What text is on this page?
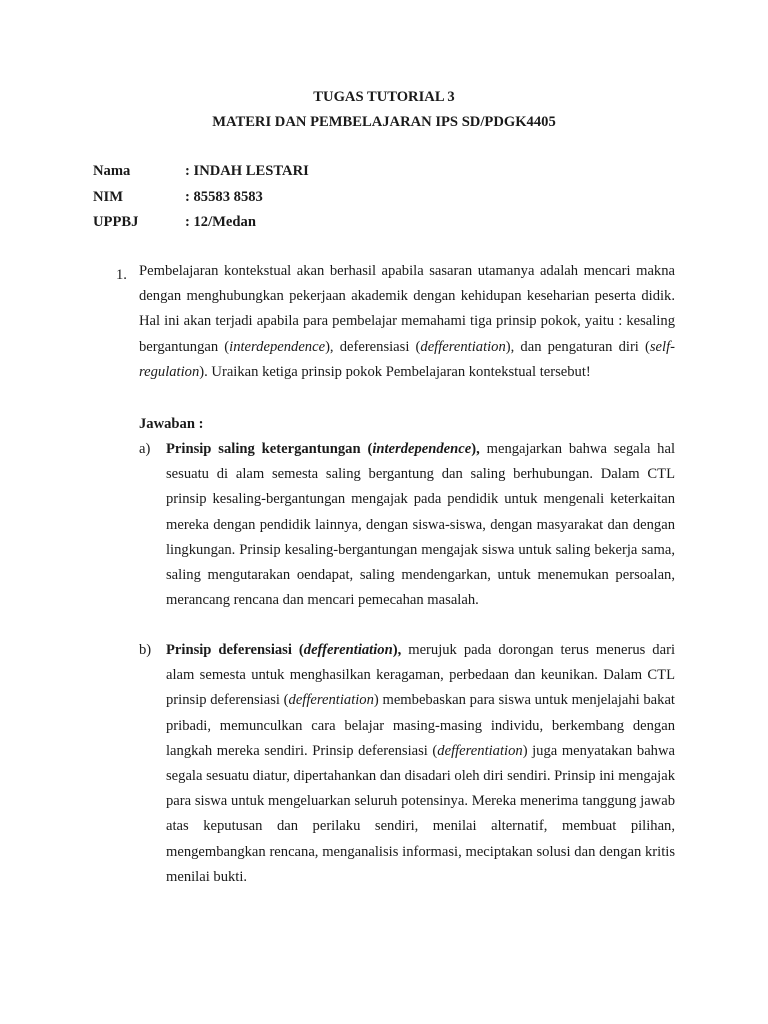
TUGAS TUTORIAL 3
MATERI DAN PEMBELAJARAN IPS SD/PDGK4405
Nama	: INDAH LESTARI
NIM	: 85583 8583
UPPBJ	: 12/Medan
1. Pembelajaran kontekstual akan berhasil apabila sasaran utamanya adalah mencari makna dengan menghubungkan pekerjaan akademik dengan kehidupan keseharian peserta didik. Hal ini akan terjadi apabila para pembelajar memahami tiga prinsip pokok, yaitu : kesaling bergantungan (interdependence), deferensiasi (defferentiation), dan pengaturan diri (self-regulation). Uraikan ketiga prinsip pokok Pembelajaran kontekstual tersebut!

Jawaban :
a) Prinsip saling ketergantungan (interdependence), mengajarkan bahwa segala hal sesuatu di alam semesta saling bergantung dan saling berhubungan. Dalam CTL prinsip kesaling-bergantungan mengajak pada pendidik untuk mengenali keterkaitan mereka dengan pendidik lainnya, dengan siswa-siswa, dengan masyarakat dan dengan lingkungan. Prinsip kesaling-bergantungan mengajak siswa untuk saling bekerja sama, saling mengutarakan oendapat, saling mendengarkan, untuk menemukan persoalan, merancang rencana dan mencari pemecahan masalah.

b) Prinsip deferensiasi (defferentiation), merujuk pada dorongan terus menerus dari alam semesta untuk menghasilkan keragaman, perbedaan dan keunikan. Dalam CTL prinsip deferensiasi (defferentiation) membebaskan para siswa untuk menjelajahi bakat pribadi, memunculkan cara belajar masing-masing individu, berkembang dengan langkah mereka sendiri. Prinsip deferensiasi (defferentiation) juga menyatakan bahwa segala sesuatu diatur, dipertahankan dan disadari oleh diri sendiri. Prinsip ini mengajak para siswa untuk mengeluarkan seluruh potensinya. Mereka menerima tanggung jawab atas keputusan dan perilaku sendiri, menilai alternatif, membuat pilihan, mengembangkan rencana, menganalisis informasi, meciptakan solusi dan dengan kritis menilai bukti.
